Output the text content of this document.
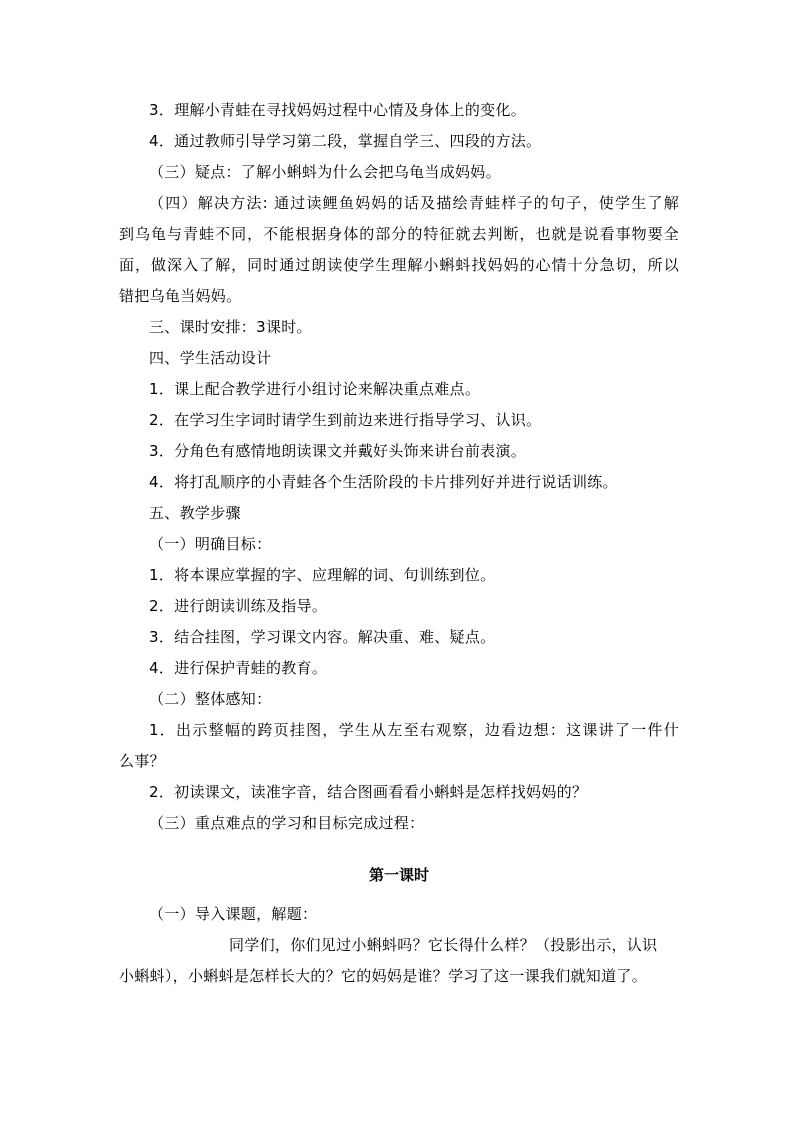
3．理解小青蛙在寻找妈妈过程中心情及身体上的变化。
4．通过教师引导学习第二段，掌握自学三、四段的方法。
（三）疑点：了解小蝌蚪为什么会把乌龟当成妈妈。
（四）解决方法: 通过读鲤鱼妈妈的话及描绘青蛙样子的句子，使学生了解
到乌龟与青蛙不同，不能根据身体的部分的特征就去判断，也就是说看事物要全
面，做深入了解，同时通过朗读使学生理解小蝌蚪找妈妈的心情十分急切，所以
错把乌龟当妈妈。
三、课时安排：3课时。
四、学生活动设计
1．课上配合教学进行小组讨论来解决重点难点。
2．在学习生字词时请学生到前边来进行指导学习、认识。
3．分角色有感情地朗读课文并戴好头饰来讲台前表演。
4．将打乱顺序的小青蛙各个生活阶段的卡片排列好并进行说话训练。
五、教学步骤
（一）明确目标：
1．将本课应掌握的字、应理解的词、句训练到位。
2．进行朗读训练及指导。
3．结合挂图，学习课文内容。解决重、难、疑点。
4．进行保护青蛙的教育。
（二）整体感知：
1．出示整幅的跨页挂图，学生从左至右观察，边看边想：这课讲了一件什
么事？
2．初读课文，读准字音，结合图画看看小蝌蚪是怎样找妈妈的？
（三）重点难点的学习和目标完成过程：
第一课时
（一）导入课题，解题：
同学们，你们见过小蝌蚪吗？它长得什么样？（投影出示，认识
小蝌蚪），小蝌蚪是怎样长大的？它的妈妈是谁？学习了这一课我们就知道了。
